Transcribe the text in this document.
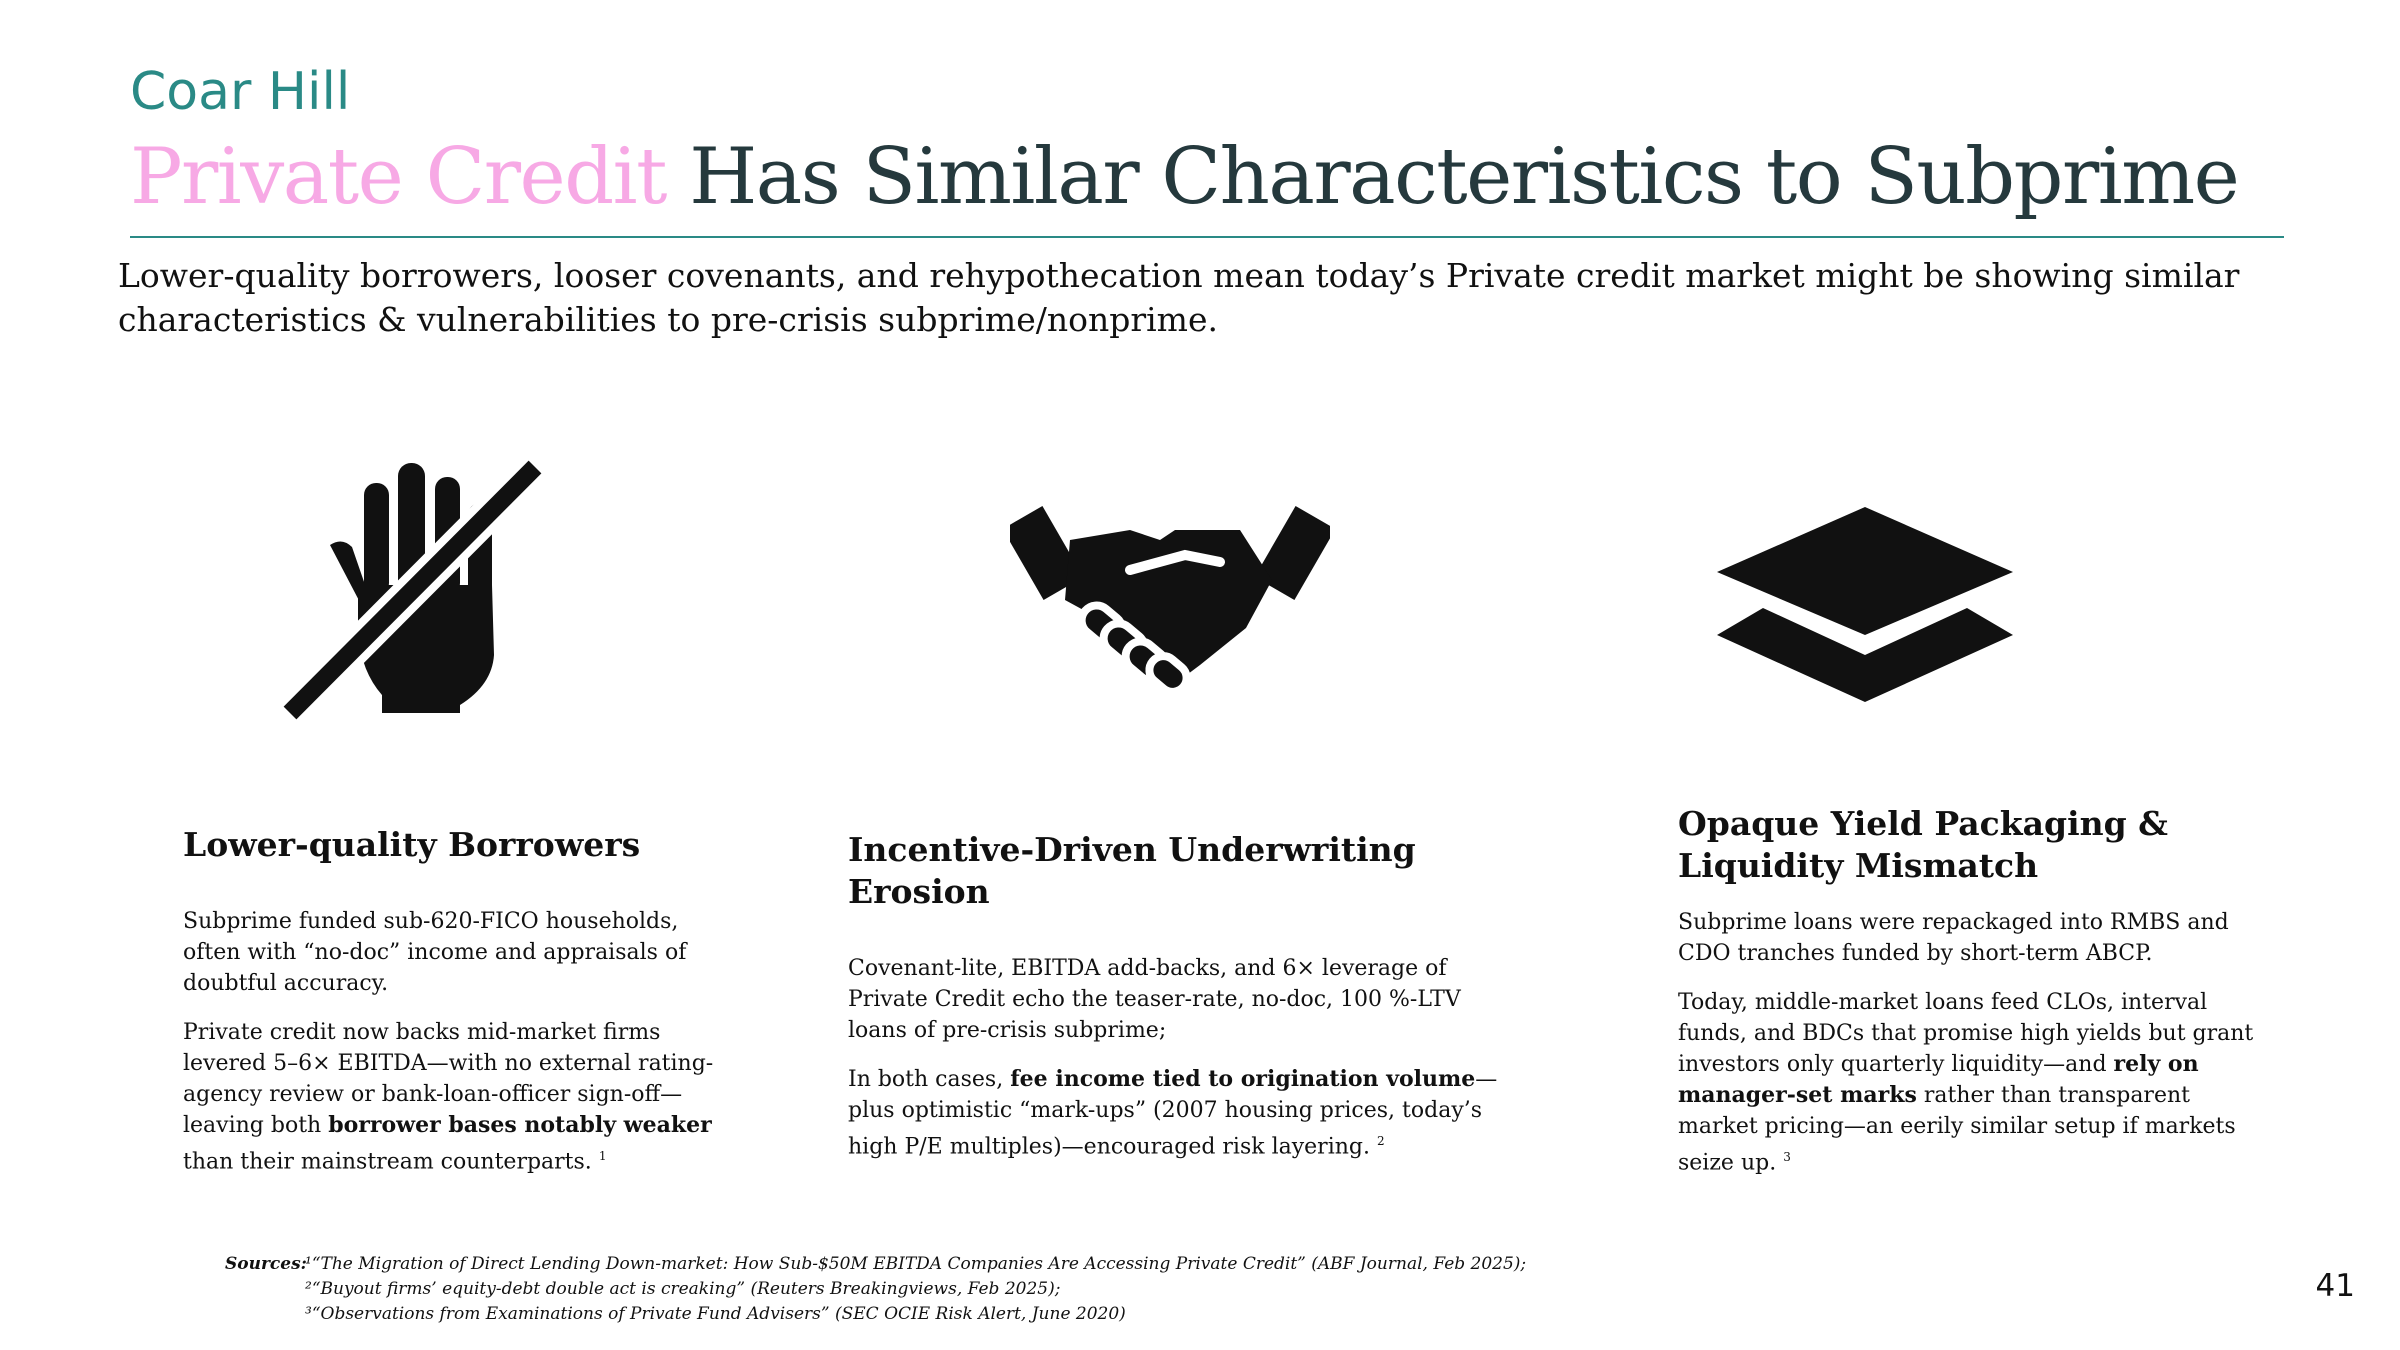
Coar Hill
Private Credit Has Similar Characteristics to Subprime
Lower-quality borrowers, looser covenants, and rehypothecation mean today’s Private credit market might be showing similar characteristics & vulnerabilities to pre-crisis subprime/nonprime.
Lower-quality Borrowers

Subprime funded sub-620-FICO households, often with “no-doc” income and appraisals of doubtful accuracy.

Private credit now backs mid-market firms levered 5–6× EBITDA—with no external rating-agency review or bank-loan-officer sign-off—leaving both borrower bases notably weaker than their mainstream counterparts. $^1$

Incentive-Driven Underwriting Erosion

Covenant-lite, EBITDA add-backs, and 6× leverage of Private Credit echo the teaser-rate, no-doc, 100 %-LTV loans of pre-crisis subprime;

In both cases, fee income tied to origination volume—plus optimistic “mark-ups” (2007 housing prices, today’s high P/E multiples)—encouraged risk layering. $^2$

Opaque Yield Packaging & Liquidity Mismatch

Subprime loans were repackaged into RMBS and CDO tranches funded by short-term ABCP.

Today, middle-market loans feed CLOs, interval funds, and BDCs that promise high yields but grant investors only quarterly liquidity—and rely on manager-set marks rather than transparent market pricing—an eerily similar setup if markets seize up. $^3$

Sources:¹“The Migration of Direct Lending Down-market: How Sub-$50M EBITDA Companies Are Accessing Private Credit” (ABF Journal, Feb 2025);
²“Buyout firms’ equity-debt double act is creaking” (Reuters Breakingviews, Feb 2025);
³“Observations from Examinations of Private Fund Advisers” (SEC OCIE Risk Alert, June 2020)
41
